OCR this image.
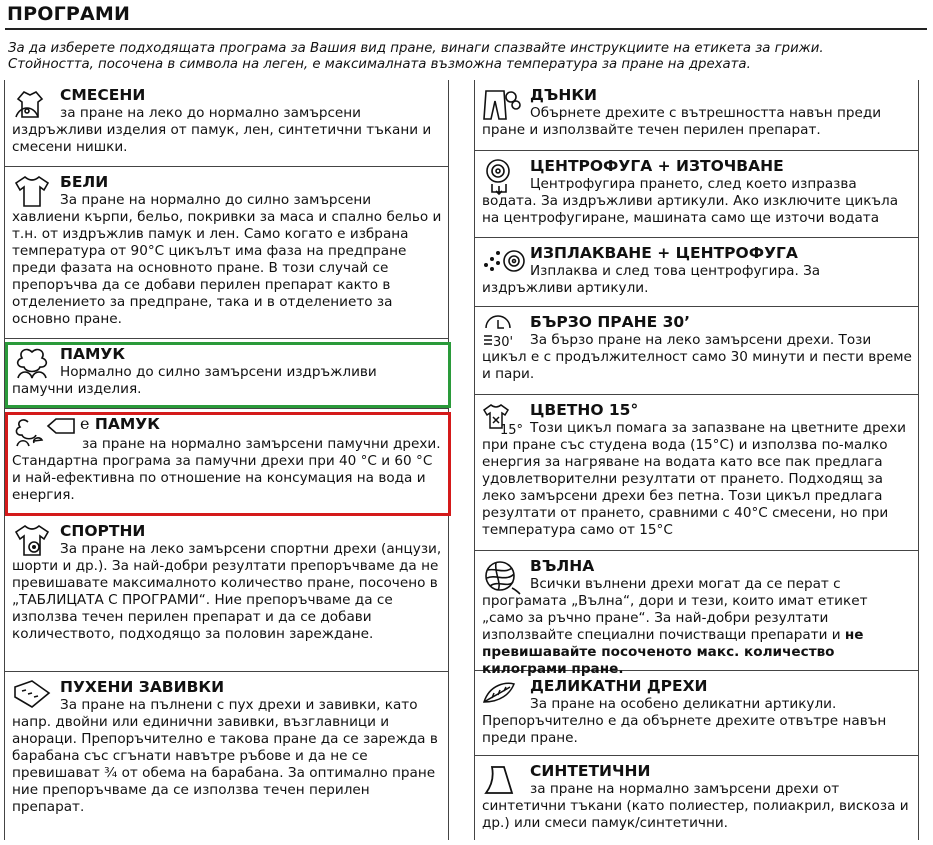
ПРОГРАМИ
За да изберете подходящата програма за Вашия вид пране, винаги спазвайте инструкциите на етикета за грижи.
Стойността, посочена в символа на леген, е максималната възможна температура за пране на дрехата.
СМЕСЕНИ
за пране на леко до нормално замърсени издръжливи изделия от памук, лен, синтетични тъкани и смесени нишки.
БЕЛИ
За пране на нормално до силно замърсени хавлиени кърпи, бельо, покривки за маса и спално бельо и т.н. от издръжлив памук и лен. Само когато е избрана температура от 90°C цикълът има фаза на предпране преди фазата на основното пране. В този случай се препоръчва да се добави перилен препарат както в отделението за предпране, така и в отделението за основно пране.
ПАМУК
Нормално до силно замърсени издръжливи памучни изделия.
e ПАМУК
за пране на нормално замърсени памучни дрехи. Стандартна програма за памучни дрехи при 40 °C и 60 °C и най-ефективна по отношение на консумация на вода и енергия.
СПОРТНИ
За пране на леко замърсени спортни дрехи (анцузи, шорти и др.). За най-добри резултати препоръчваме да не превишавате максималното количество пране, посочено в „ТАБЛИЦАТА С ПРОГРАМИ“. Ние препоръчваме да се използва течен перилен препарат и да се добави количеството, подходящо за половин зареждане.
ПУХЕНИ ЗАВИВКИ
За пране на пълнени с пух дрехи и завивки, като напр. двойни или единични завивки, възглавници и анораци. Препоръчително е такова пране да се зарежда в барабана със сгънати навътре ръбове и да не се превишават ¾ от обема на барабана. За оптимално пране ние препоръчваме да се използва течен перилен препарат.
ДЪНКИ
Обърнете дрехите с вътрешността навън преди пране и използвайте течен перилен препарат.
ЦЕНТРОФУГА + ИЗТОЧВАНЕ
Центрофугира прането, след което изпразва водата. За издръжливи артикули. Ако изключите цикъла на центрофугиране, машината само ще източи водата
ИЗПЛАКВАНЕ + ЦЕНТРОФУГА
Изплаква и след това центрофугира. За издръжливи артикули.
30'
БЪРЗО ПРАНЕ 30’
За бързо пране на леко замърсени дрехи. Този цикъл е с продължителност само 30 минути и пести време и пари.
15°
ЦВЕТНО 15°
Този цикъл помага за запазване на цветните дрехи при пране със студена вода (15°C) и използва по-малко енергия за нагряване на водата като все пак предлага удовлетворителни резултати от прането. Подходящ за леко замърсени дрехи без петна. Този цикъл предлага резултати от прането, сравними с 40°C смесени, но при температура само от 15°C
ВЪЛНА
Всички вълнени дрехи могат да се перат с програмата „Вълна“, дори и тези, които имат етикет „само за ръчно пране“. За най-добри резултати използвайте специални почистващи препарати и не превишавайте посоченото макс. количество килограми пране.
ДЕЛИКАТНИ ДРЕХИ
За пране на особено деликатни артикули. Препоръчително е да обърнете дрехите отвътре навън преди пране.
СИНТЕТИЧНИ
за пране на нормално замърсени дрехи от синтетични тъкани (като полиестер, полиакрил, вискоза и др.) или смеси памук/синтетични.
